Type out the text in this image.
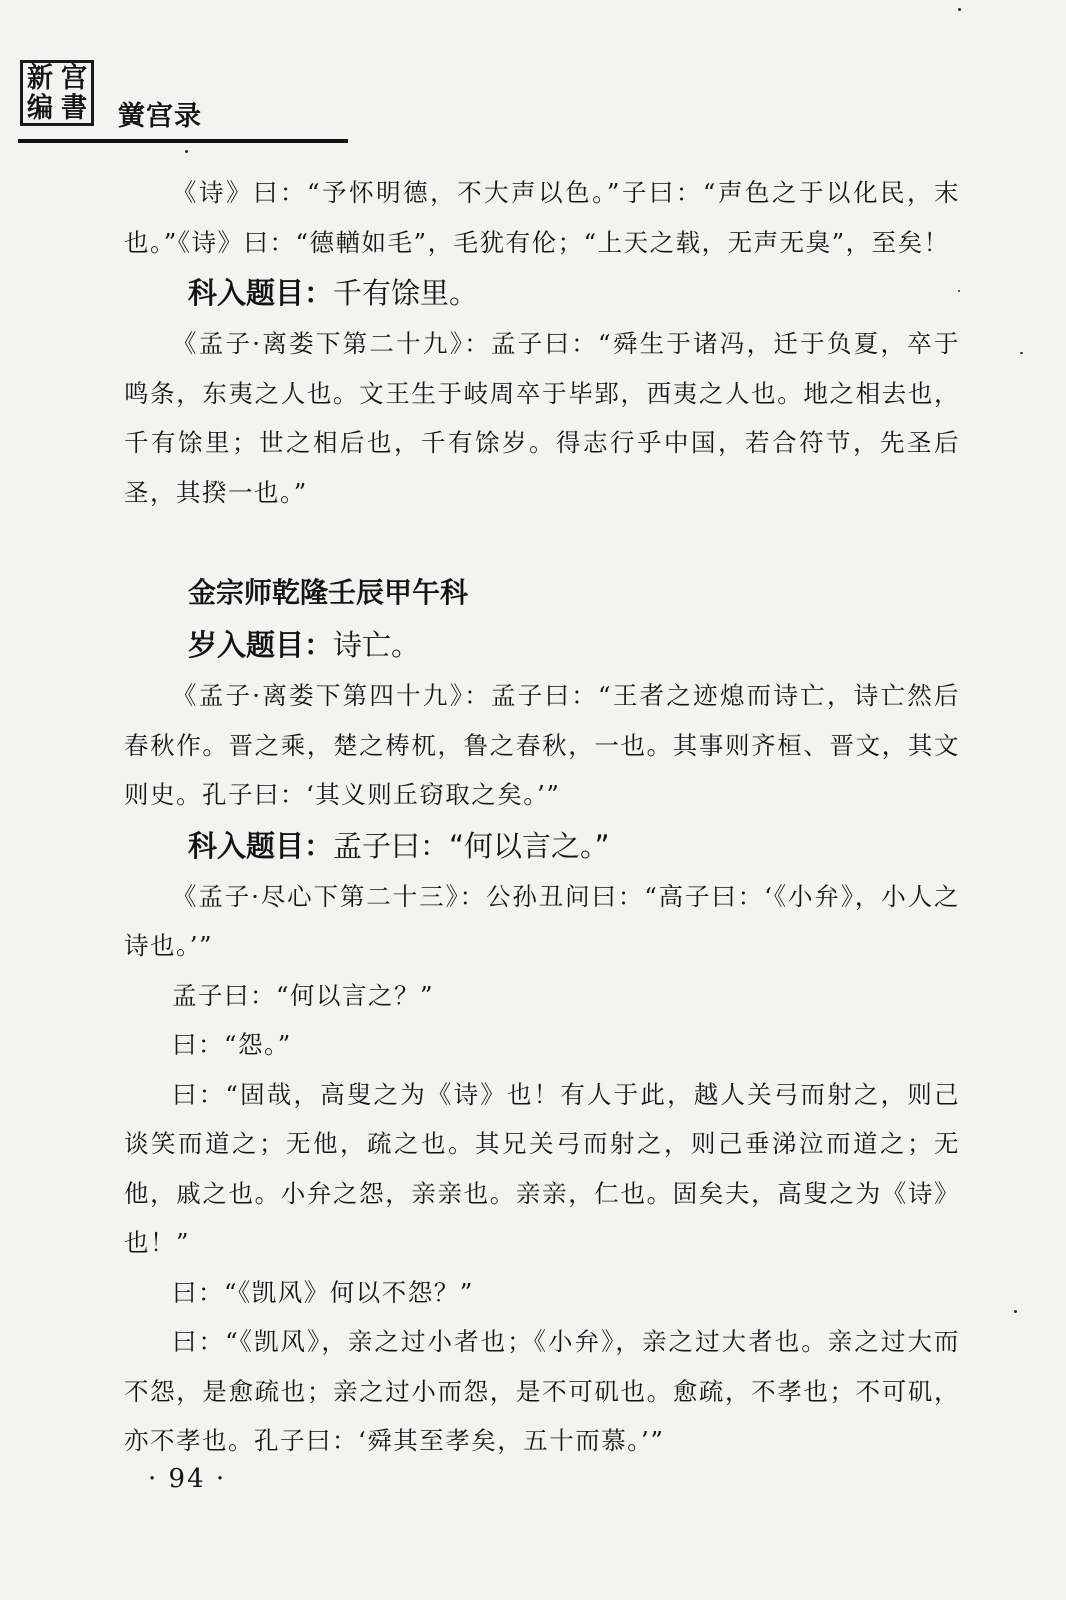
新 宫
编 書 黉宫录

《诗》曰：“予怀明德，不大声以色。”子曰：“声色之于以化民，末也。”《诗》曰：“德輶如毛”，毛犹有伦；“上天之载，无声无臭”，至矣！

科入题目：千有馀里。

《孟子·离娄下第二十九》：孟子曰：“舜生于诸冯，迁于负夏，卒于鸣条，东夷之人也。文王生于岐周卒于毕郢，西夷之人也。地之相去也，千有馀里；世之相后也，千有馀岁。得志行乎中国，若合符节，先圣后圣，其揆一也。”

金宗师乾隆壬辰甲午科

岁入题目：诗亡。

《孟子·离娄下第四十九》：孟子曰：“王者之迹熄而诗亡，诗亡然后春秋作。晋之乘，楚之梼杌，鲁之春秋，一也。其事则齐桓、晋文，其文则史。孔子曰：‘其义则丘窃取之矣。’”

科入题目：孟子曰：“何以言之。”

《孟子·尽心下第二十三》：公孙丑问曰：“高子曰：‘《小弁》，小人之诗也。’”

孟子曰：“何以言之？”

曰：“怨。”

曰：“固哉，高叟之为《诗》也！有人于此，越人关弓而射之，则己谈笑而道之；无他，疏之也。其兄关弓而射之，则己垂涕泣而道之；无他，戚之也。小弁之怨，亲亲也。亲亲，仁也。固矣夫，高叟之为《诗》也！”

曰：“《凯风》何以不怨？”

曰：“《凯风》，亲之过小者也；《小弁》，亲之过大者也。亲之过大而不怨，是愈疏也；亲之过小而怨，是不可矶也。愈疏，不孝也；不可矶，亦不孝也。孔子曰：‘舜其至孝矣，五十而慕。’”

· 94 ·
